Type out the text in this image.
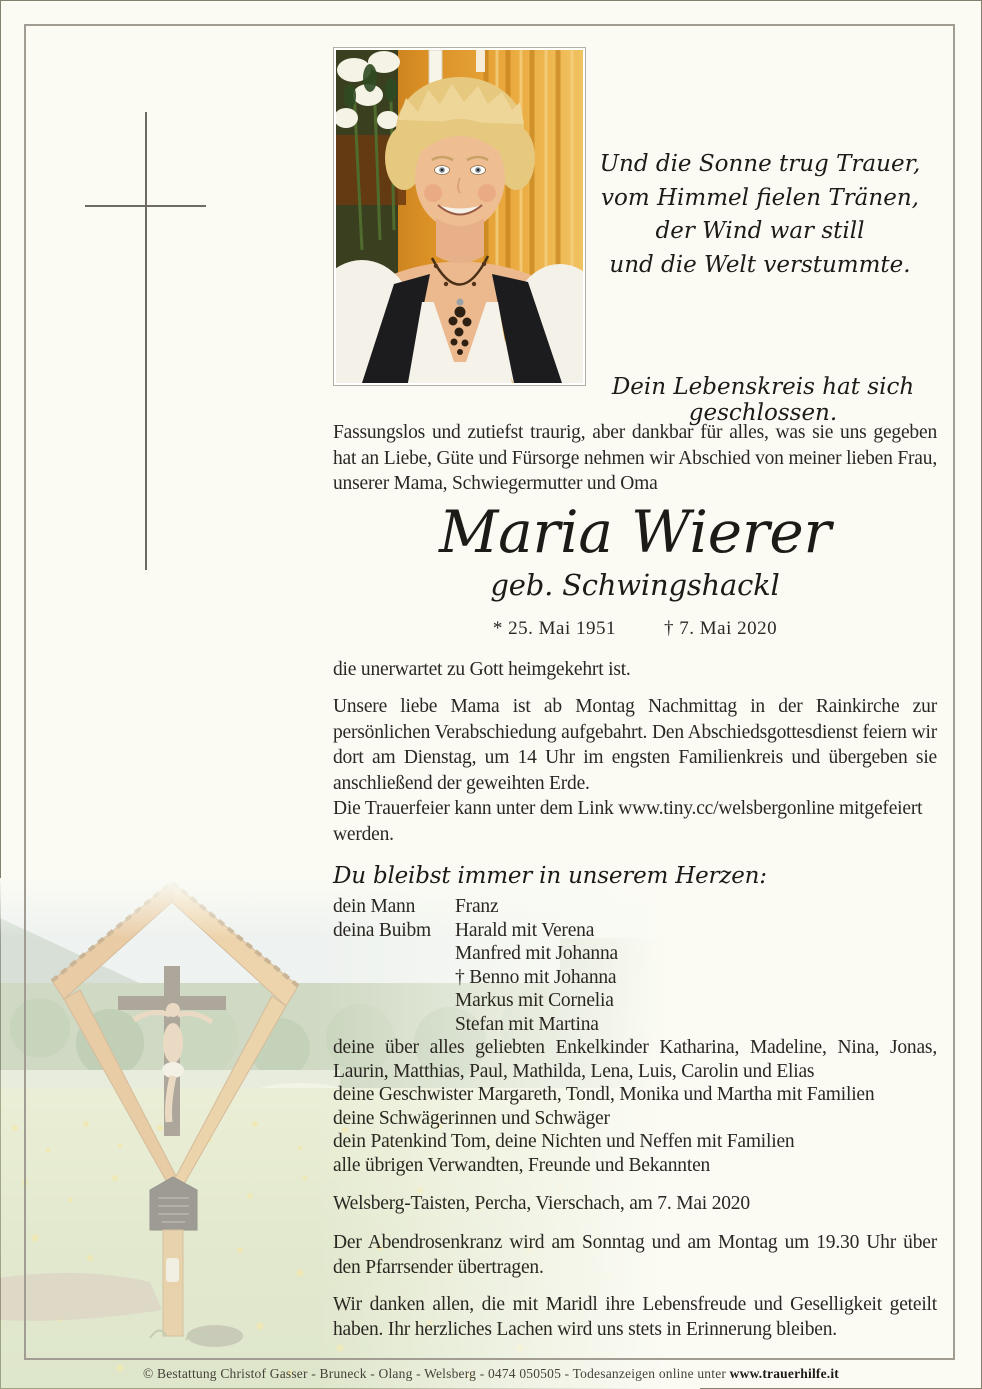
Und die Sonne trug Trauer,
vom Himmel fielen Tränen,
der Wind war still
und die Welt verstummte.
Dein Lebenskreis hat sich geschlossen.

Fassungslos und zutiefst traurig, aber dankbar für alles, was sie uns gegeben hat an Liebe, Güte und Fürsorge nehmen wir Abschied von meiner lieben Frau, unserer Mama, Schwiegermutter und Oma

Maria Wierer
geb. Schwingshackl
* 25. Mai 1951	† 7. Mai 2020

die unerwartet zu Gott heimgekehrt ist.

Unsere liebe Mama ist ab Montag Nachmittag in der Rainkirche zur persönlichen Verabschiedung aufgebahrt. Den Abschiedsgottesdienst feiern wir dort am Dienstag, um 14 Uhr im engsten Familienkreis und übergeben sie anschließend der geweihten Erde.

Die Trauerfeier kann unter dem Link www.tiny.cc/welsbergonline mitgefeiert werden.

Du bleibst immer in unserem Herzen:
dein Mann	Franz
deina Buibm	Harald mit Verena
Manfred mit Johanna
† Benno mit Johanna
Markus mit Cornelia
Stefan mit Martina

deine über alles geliebten Enkelkinder Katharina, Madeline, Nina, Jonas, Laurin, Matthias, Paul, Mathilda, Lena, Luis, Carolin und Elias

deine Geschwister Margareth, Tondl, Monika und Martha mit Familien

deine Schwägerinnen und Schwäger

dein Patenkind Tom, deine Nichten und Neffen mit Familien

alle übrigen Verwandten, Freunde und Bekannten

Welsberg-Taisten, Percha, Vierschach, am 7. Mai 2020

Der Abendrosenkranz wird am Sonntag und am Montag um 19.30 Uhr über den Pfarrsender übertragen.

Wir danken allen, die mit Maridl ihre Lebensfreude und Geselligkeit geteilt haben. Ihr herzliches Lachen wird uns stets in Erinnerung bleiben.

© Bestattung Christof Gasser - Bruneck - Olang - Welsberg - 0474 050505 - Todesanzeigen online unter www.trauerhilfe.it
